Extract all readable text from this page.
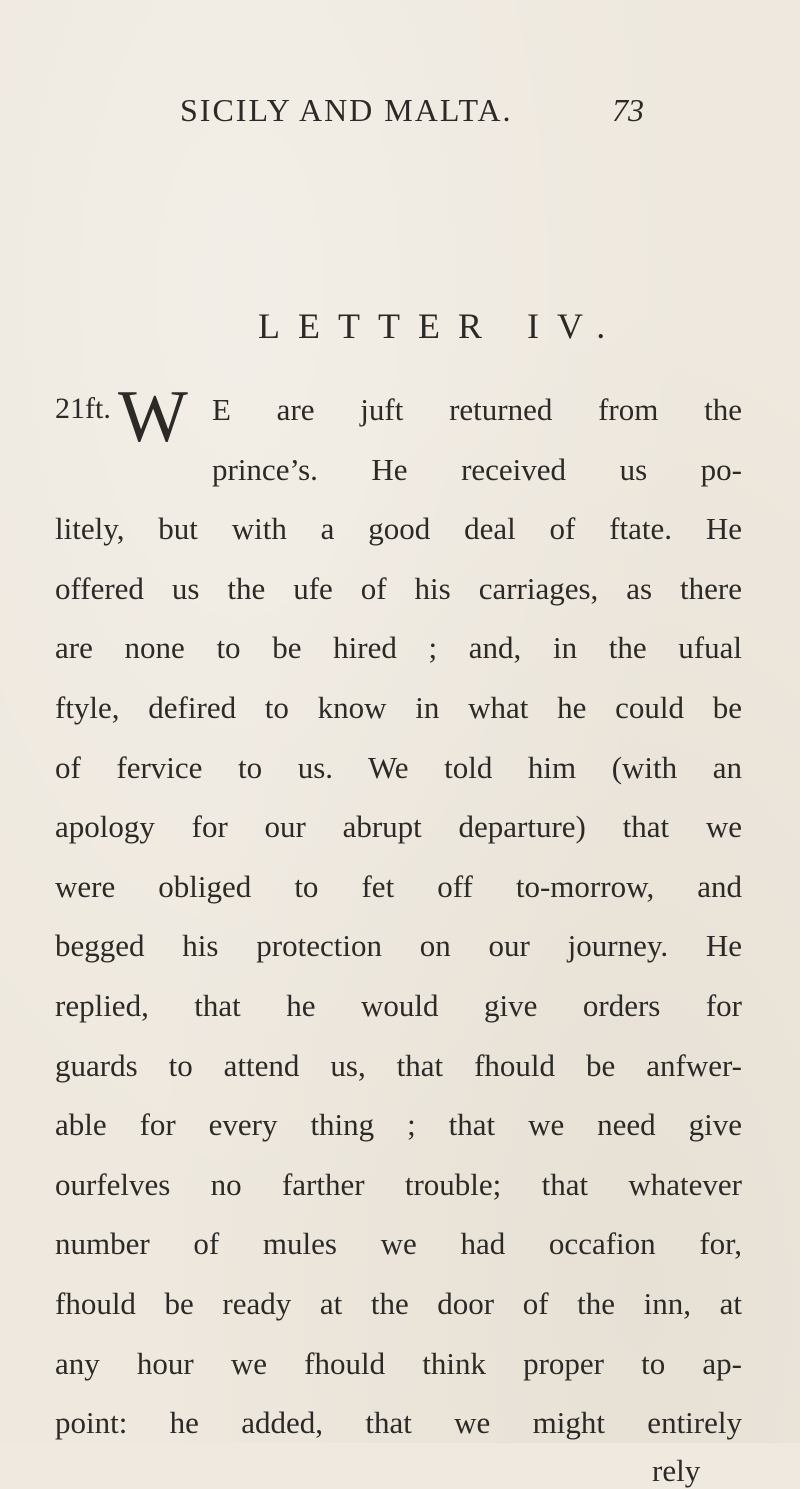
SICILY AND MALTA.	73
LETTER IV.
21ft. W E are juft returned from the
prince’s. He received us po-
litely, but with a good deal of ftate. He
offered us the ufe of his carriages, as there
are none to be hired ; and, in the ufual
ftyle, defired to know in what he could be
of fervice to us. We told him (with an
apology for our abrupt departure) that we
were obliged to fet off to-morrow, and
begged his protection on our journey. He
replied, that he would give orders for
guards to attend us, that fhould be anfwer-
able for every thing ; that we need give
ourfelves no farther trouble; that whatever
number of mules we had occafion for,
fhould be ready at the door of the inn, at
any hour we fhould think proper to ap-
point: he added, that we might entirely
rely
